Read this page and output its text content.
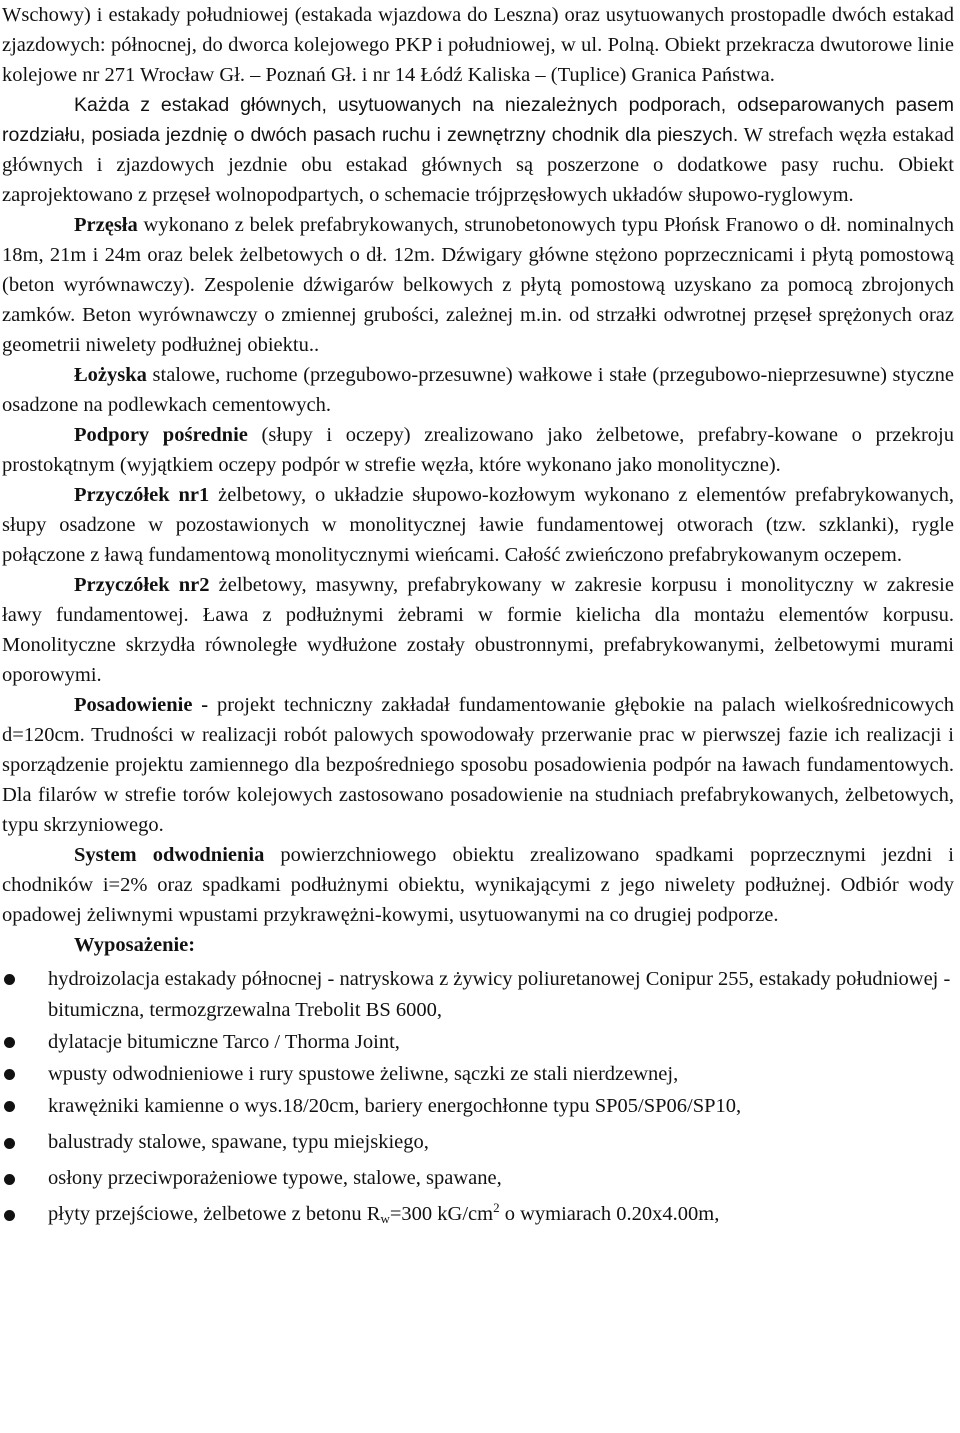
Wschowy) i estakady południowej (estakada wjazdowa do Leszna) oraz usytuowanych prostopadle dwóch estakad zjazdowych: północnej, do dworca kolejowego PKP i południowej, w ul. Polną. Obiekt przekracza dwutorowe linie kolejowe nr 271 Wrocław Gł. – Poznań Gł. i nr 14 Łódź Kaliska – (Tuplice) Granica Państwa.

Każda z estakad głównych, usytuowanych na niezależnych podporach, odseparowanych pasem rozdziału, posiada jezdnię o dwóch pasach ruchu i zewnętrzny chodnik dla pieszych. W strefach węzła estakad głównych i zjazdowych jezdnie obu estakad głównych są poszerzone o dodatkowe pasy ruchu. Obiekt zaprojektowano z przęseł wolnopodpartych, o schemacie trójprzęsłowych układów słupowo-ryglowym.

Przęsła wykonano z belek prefabrykowanych, strunobetonowych typu Płońsk Franowo o dł. nominalnych 18m, 21m i 24m oraz belek żelbetowych o dł. 12m. Dźwigary główne stężono poprzecznicami i płytą pomostową (beton wyrównawczy). Zespolenie dźwigarów belkowych z płytą pomostową uzyskano za pomocą zbrojonych zamków. Beton wyrównawczy o zmiennej grubości, zależnej m.in. od strzałki odwrotnej przęseł sprężonych oraz geometrii niwelety podłużnej obiektu..

Łożyska stalowe, ruchome (przegubowo-przesuwne) wałkowe i stałe (przegubowo-nieprzesuwne) styczne osadzone na podlewkach cementowych.

Podpory pośrednie (słupy i oczepy) zrealizowano jako żelbetowe, prefabry-kowane o przekroju prostokątnym (wyjątkiem oczepy podpór w strefie węzła, które wykonano jako monolityczne).

Przyczółek nr1 żelbetowy, o układzie słupowo-kozłowym wykonano z elementów prefabrykowanych, słupy osadzone w pozostawionych w monolitycznej ławie fundamentowej otworach (tzw. szklanki), rygle połączone z ławą fundamentową monolitycznymi wieńcami. Całość zwieńczono prefabrykowanym oczepem.

Przyczółek nr2 żelbetowy, masywny, prefabrykowany w zakresie korpusu i monolityczny w zakresie ławy fundamentowej. Ława z podłużnymi żebrami w formie kielicha dla montażu elementów korpusu. Monolityczne skrzydła równoległe wydłużone zostały obustronnymi, prefabrykowanymi, żelbetowymi murami oporowymi.

Posadowienie - projekt techniczny zakładał fundamentowanie głębokie na palach wielkośrednicowych d=120cm. Trudności w realizacji robót palowych spowodowały przerwanie prac w pierwszej fazie ich realizacji i sporządzenie projektu zamiennego dla bezpośredniego sposobu posadowienia podpór na ławach fundamentowych. Dla filarów w strefie torów kolejowych zastosowano posadowienie na studniach prefabrykowanych, żelbetowych, typu skrzyniowego.

System odwodnienia powierzchniowego obiektu zrealizowano spadkami poprzecznymi jezdni i chodników i=2% oraz spadkami podłużnymi obiektu, wynikającymi z jego niwelety podłużnej. Odbiór wody opadowej żeliwnymi wpustami przykrawężni-kowymi, usytuowanymi na co drugiej podporze.

Wyposażenie:

hydroizolacja estakady północnej - natryskowa z żywicy poliuretanowej Conipur 255, estakady południowej - bitumiczna, termozgrzewalna Trebolit BS 6000,
dylatacje bitumiczne Tarco / Thorma Joint,
wpusty odwodnieniowe i rury spustowe żeliwne, sączki ze stali nierdzewnej,
krawężniki kamienne o wys.18/20cm, bariery energochłonne typu SP05/SP06/SP10,
balustrady stalowe, spawane, typu miejskiego,
osłony przeciwporażeniowe typowe, stalowe, spawane,
płyty przejściowe, żelbetowe z betonu $R_w=300$ $kG/cm^2$ o wymiarach 0.20x4.00m,
